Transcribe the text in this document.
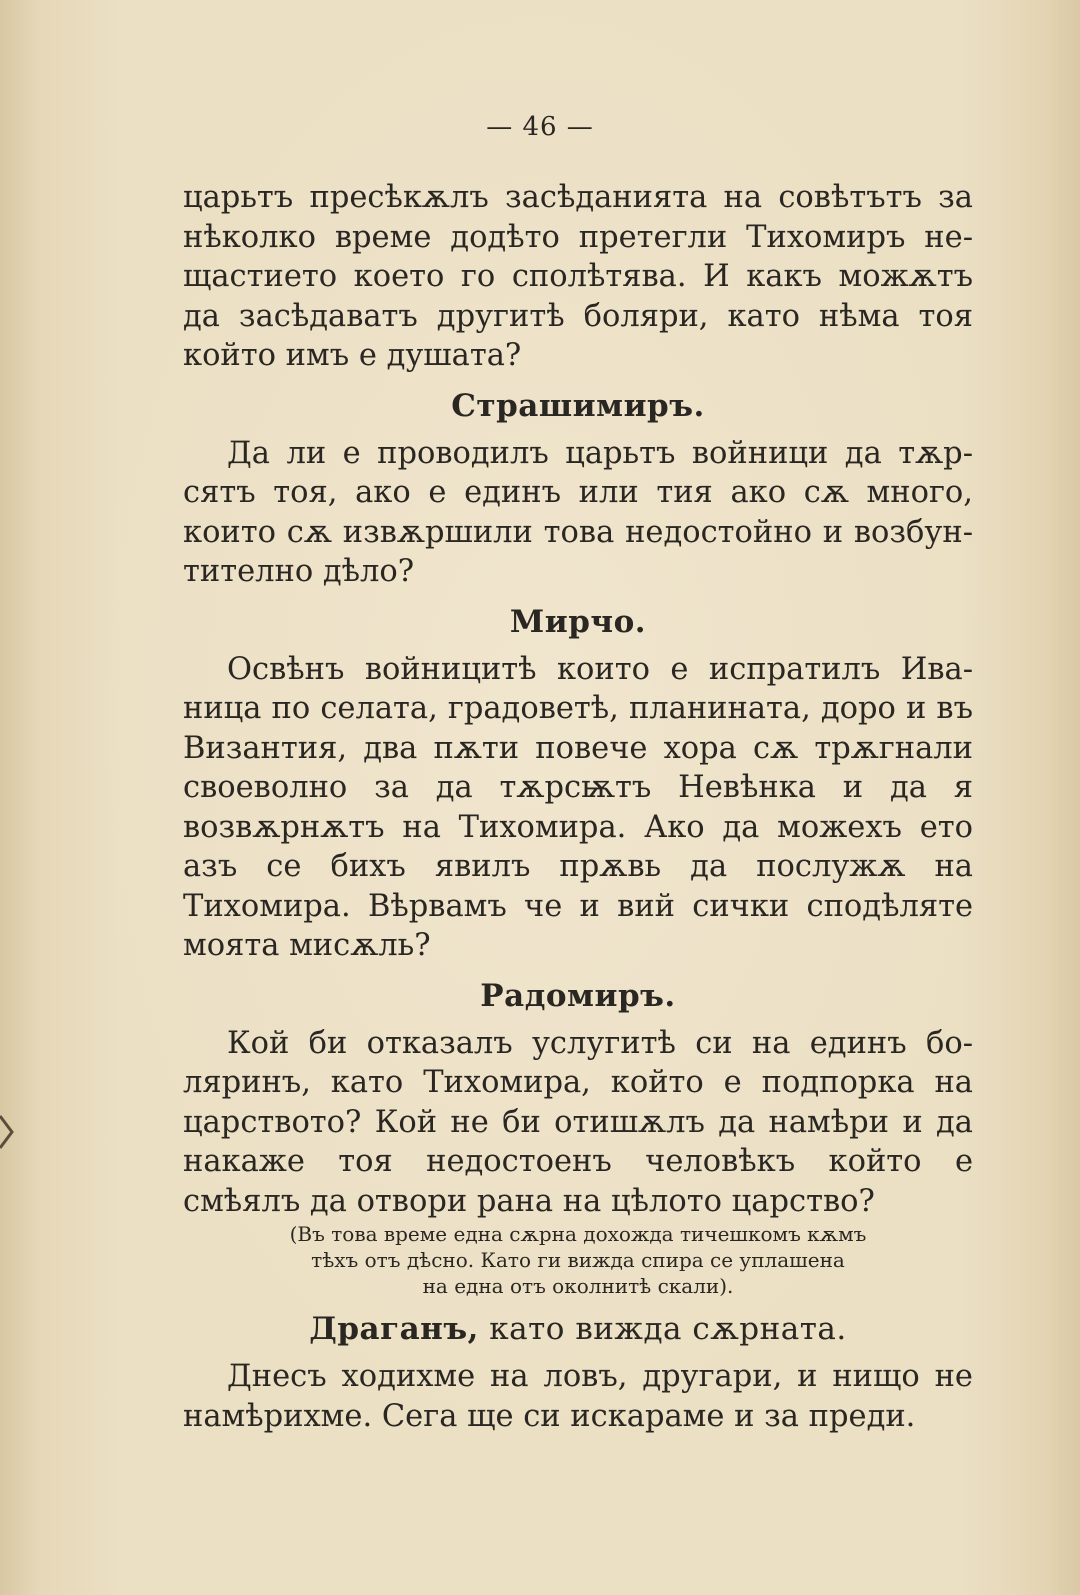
— 46 —

царьтъ пресѣкѫлъ засѣданията на совѣтътъ за нѣколко време додѣто претегли Тихомиръ нещастието което го сполѣтява. И какъ можѫтъ да засѣдаватъ другитѣ боляри, като нѣма тоя който имъ е душата?

Страшимиръ.

Да ли е проводилъ царьтъ войници да тѫрсятъ тоя, ако е единъ или тия ако сѫ много, които сѫ извѫршили това недостойно и возбунтително дѣло?

Мирчо.

Освѣнъ войницитѣ които е испратилъ Иваница по селата, градоветѣ, планината, доро и въ Византия, два пѫти повече хора сѫ трѫгнали своеволно за да тѫрсѭтъ Невѣнка и да я возвѫрнѫтъ на Тихомира. Ако да можехъ ето азъ се бихъ явилъ прѫвь да послужѫ на Тихомира. Вѣрвамъ че и вий сички сподѣляте моята мисѫль?

Радомиръ.

Кой би отказалъ услугитѣ си на единъ боляринъ, като Тихомира, който е подпорка на царството? Кой не би отишѫлъ да намѣри и да накаже тоя недостоенъ человѣкъ който е смѣялъ да отвори рана на цѣлото царство?

(Въ това време една сѫрна дохожда тичешкомъ кѫмъ
тѣхъ отъ дѣсно. Като ги вижда спира се уплашена
на една отъ околнитѣ скали).
Драганъ, като вижда сѫрната.

Днесъ ходихме на ловъ, другари, и нищо не намѣрихме. Сега ще си искараме и за преди.
